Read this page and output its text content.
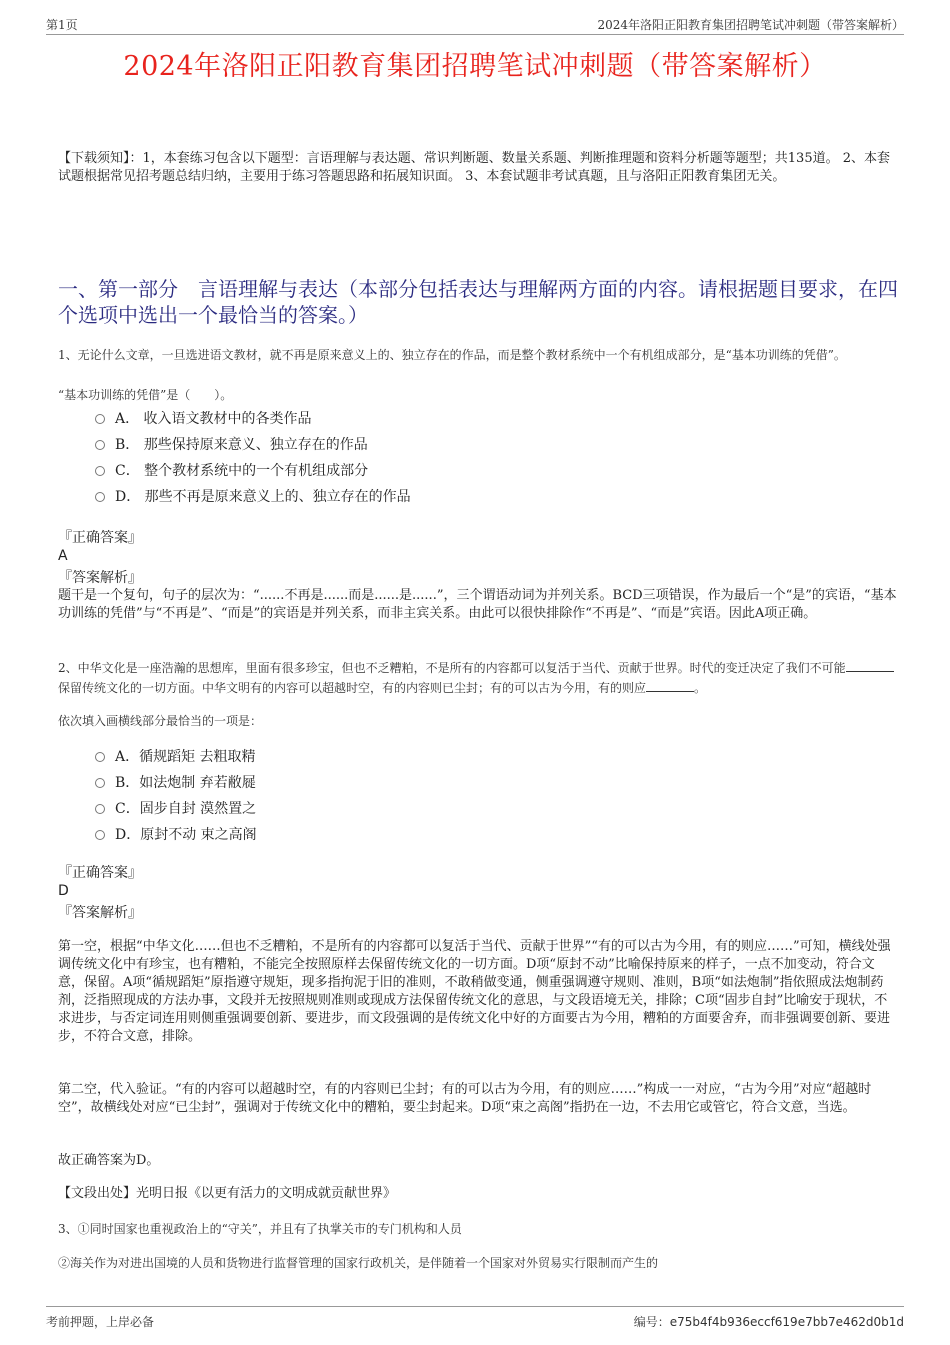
第1页	2024年洛阳正阳教育集团招聘笔试冲刺题（带答案解析）
2024年洛阳正阳教育集团招聘笔试冲刺题（带答案解析）
【下载须知】：1，本套练习包含以下题型：言语理解与表达题、常识判断题、数量关系题、判断推理题和资料分析题等题型；共135道。 2、本套试题根据常见招考题总结归纳，主要用于练习答题思路和拓展知识面。 3、本套试题非考试真题，且与洛阳正阳教育集团无关。
一、第一部分　言语理解与表达（本部分包括表达与理解两方面的内容。请根据题目要求，在四个选项中选出一个最恰当的答案。）
1、无论什么文章，一旦选进语文教材，就不再是原来意义上的、独立存在的作品，而是整个教材系统中一个有机组成部分，是“基本功训练的凭借”。
“基本功训练的凭借”是（　　）。
A． 收入语文教材中的各类作品
B． 那些保持原来意义、独立存在的作品
C． 整个教材系统中的一个有机组成部分
D． 那些不再是原来意义上的、独立存在的作品
『正确答案』
A
『答案解析』
题干是一个复句，句子的层次为：“......不再是......而是......是......”，三个谓语动词为并列关系。BCD三项错误，作为最后一个“是”的宾语，“基本功训练的凭借”与“不再是”、“而是”的宾语是并列关系，而非主宾关系。由此可以很快排除作“不再是”、“而是”宾语。因此A项正确。
2、中华文化是一座浩瀚的思想库，里面有很多珍宝，但也不乏糟粕，不是所有的内容都可以复活于当代、贡献于世界。时代的变迁决定了我们不可能保留传统文化的一切方面。中华文明有的内容可以超越时空，有的内容则已尘封；有的可以古为今用，有的则应	。
依次填入画横线部分最恰当的一项是：
A．循规蹈矩 去粗取精
B．如法炮制 弃若敝屣
C．固步自封 漠然置之
D．原封不动 束之高阁
『正确答案』
D
『答案解析』
第一空，根据“中华文化……但也不乏糟粕，不是所有的内容都可以复活于当代、贡献于世界”“有的可以古为今用，有的则应……”可知，横线处强调传统文化中有珍宝，也有糟粕，不能完全按照原样去保留传统文化的一切方面。D项“原封不动”比喻保持原来的样子，一点不加变动，符合文意，保留。A项“循规蹈矩”原指遵守规矩，现多指拘泥于旧的准则，不敢稍做变通，侧重强调遵守规则、准则，B项“如法炮制”指依照成法炮制药剂，泛指照现成的方法办事，文段并无按照规则准则或现成方法保留传统文化的意思，与文段语境无关，排除；C项“固步自封”比喻安于现状，不求进步，与否定词连用则侧重强调要创新、要进步，而文段强调的是传统文化中好的方面要古为今用，糟粕的方面要舍弃，而非强调要创新、要进步，不符合文意，排除。
第二空，代入验证。“有的内容可以超越时空，有的内容则已尘封；有的可以古为今用，有的则应……”构成一一对应，“古为今用”对应“超越时空”，故横线处对应“已尘封”，强调对于传统文化中的糟粕，要尘封起来。D项“束之高阁”指扔在一边，不去用它或管它，符合文意，当选。
故正确答案为D。
【文段出处】光明日报《以更有活力的文明成就贡献世界》
3、①同时国家也重视政治上的“守关”，并且有了执掌关市的专门机构和人员
②海关作为对进出国境的人员和货物进行监督管理的国家行政机关，是伴随着一个国家对外贸易实行限制而产生的
考前押题，上岸必备	编号：e75b4f4b936eccf619e7bb7e462d0b1d
